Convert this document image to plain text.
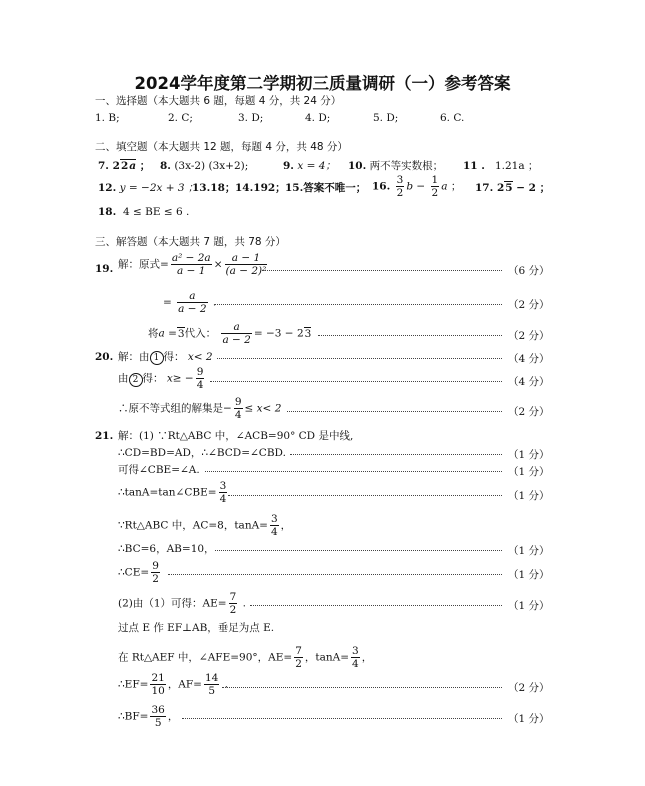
2024学年度第二学期初三质量调研（一）参考答案
一、选择题（本大题共 6 题，每题 4 分，共 24 分）
1. B;	2. C;	3. D;	4. D;	5. D;	6. C.
二、填空题（本大题共 12 题，每题 4 分，共 48 分）
7. 22a ； 8. (3x-2) (3x+2);	9. x = 4； 10. 两不等实数根； 11 . 1.21a ；
12. y = −2x + 3 ；
13.18； 14.192； 15.答案不唯一； 16. $\frac{3}{2}$ $b - \frac{1}{2}$ a ； 17. 25 − 2 ；
18. 4 ≤ BE ≤ 6 .
三、解答题（本大题共 7 题，共 78 分）
19. 解：原式= $\frac{\text{a² − 2a}}{a - 1} \times \frac{a - 1}{\text{(a − 2)²}}$	（6 分）
= $\frac{a}{a - 2}$ .	（2 分）
将a =3代入： $\frac{a}{a - 2} = -3 - 23$	（2 分）
20. 解：由 1 得： x< 2	（4 分）
由 2 得： $x\ge - \frac{9}{4}$	（4 分）
∴原不等式组的解集是− $\frac{9}{4} \le x< 2$	（2 分）
21. 解：(1) ∵Rt△ABC 中，∠ACB=90° CD 是中线,
∴CD=BD=AD，∴∠BCD=∠CBD.	（1 分）
可得∠CBE=∠A.	（1 分）
∴tanA=tan∠CBE= $\frac{3}{4}$	（1 分）
∵Rt△ABC 中，AC=8，$\tan A= \frac{3}{4}$ ，
∴BC=6，AB=10，	（1 分）
∴CE= $\frac{9}{2}$	（1 分）
(2)由（1）可得：$AE= \frac{7}{2}$ .	（1 分）
过点 E 作 EF⊥AB，垂足为点 E.
在 Rt△AEF 中，∠AFE=90°，$AE= \frac{7}{2}$ ，$\tan A= \frac{3}{4}$ ，
∴EF= $\frac{21}{10}$ ，$AF= \frac{14}{5}$ .	（2 分）
∴BF= $\frac{36}{5}$ ，	（1 分）
